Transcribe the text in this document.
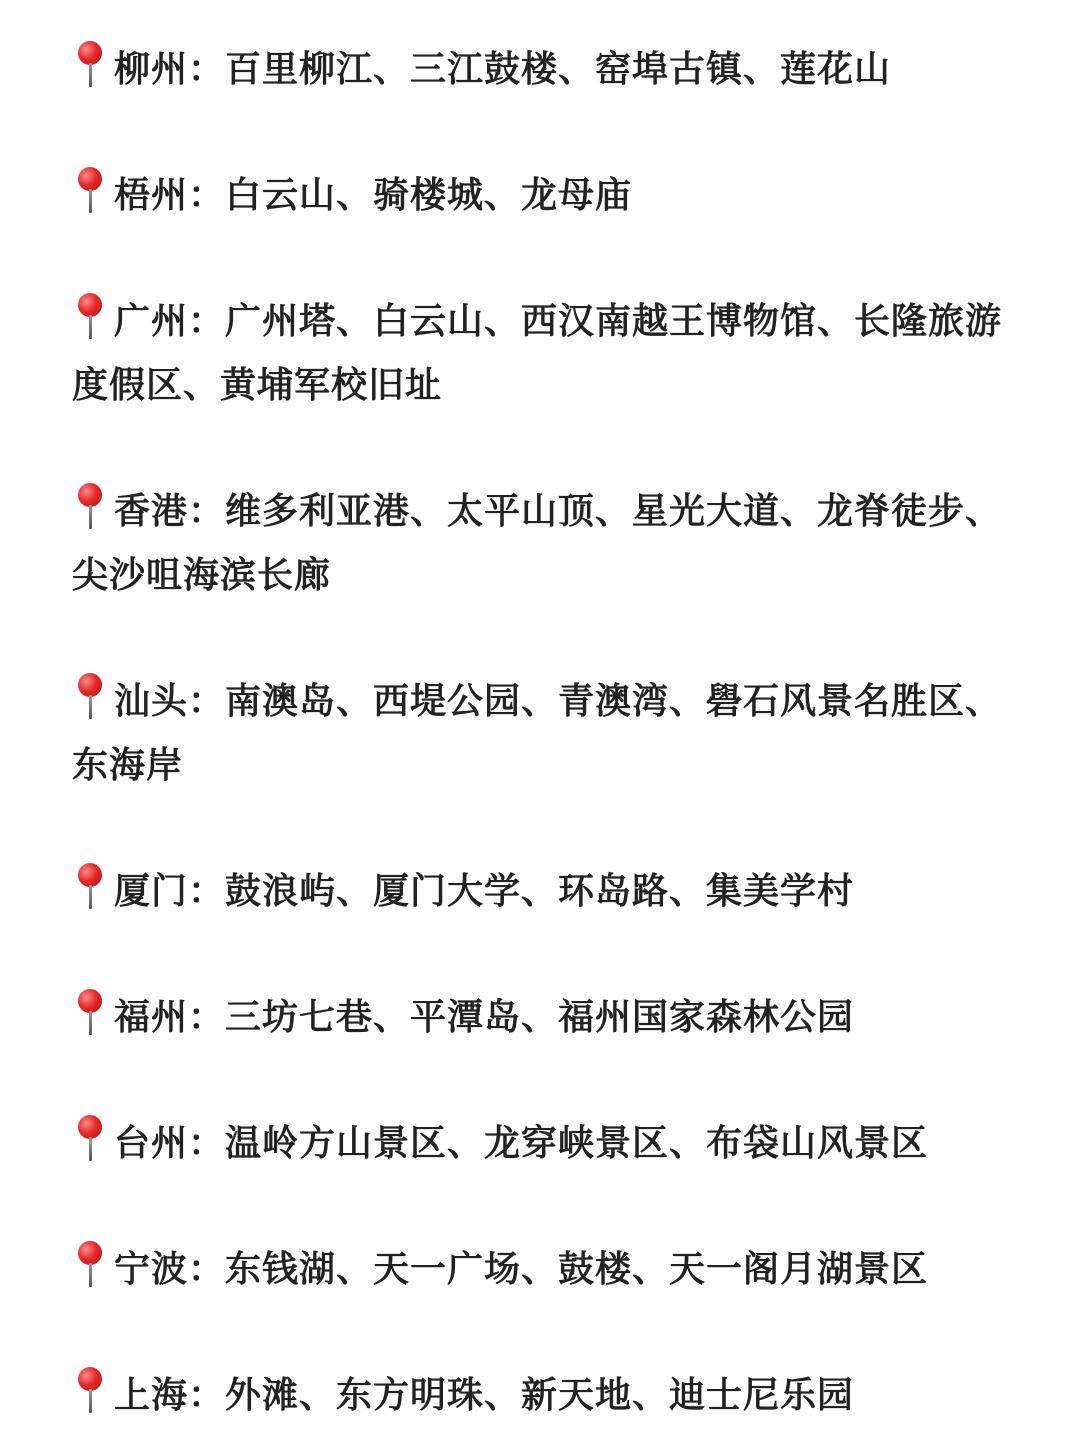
柳州：百里柳江、三江鼓楼、窑埠古镇、莲花山
梧州：白云山、骑楼城、龙母庙
广州：广州塔、白云山、西汉南越王博物馆、长隆旅游度假区、黄埔军校旧址
香港：维多利亚港、太平山顶、星光大道、龙脊徒步、尖沙咀海滨长廊
汕头：南澳岛、西堤公园、青澳湾、礐石风景名胜区、东海岸
厦门：鼓浪屿、厦门大学、环岛路、集美学村
福州：三坊七巷、平潭岛、福州国家森林公园
台州：温岭方山景区、龙穿峡景区、布袋山风景区
宁波：东钱湖、天一广场、鼓楼、天一阁月湖景区
上海：外滩、东方明珠、新天地、迪士尼乐园
